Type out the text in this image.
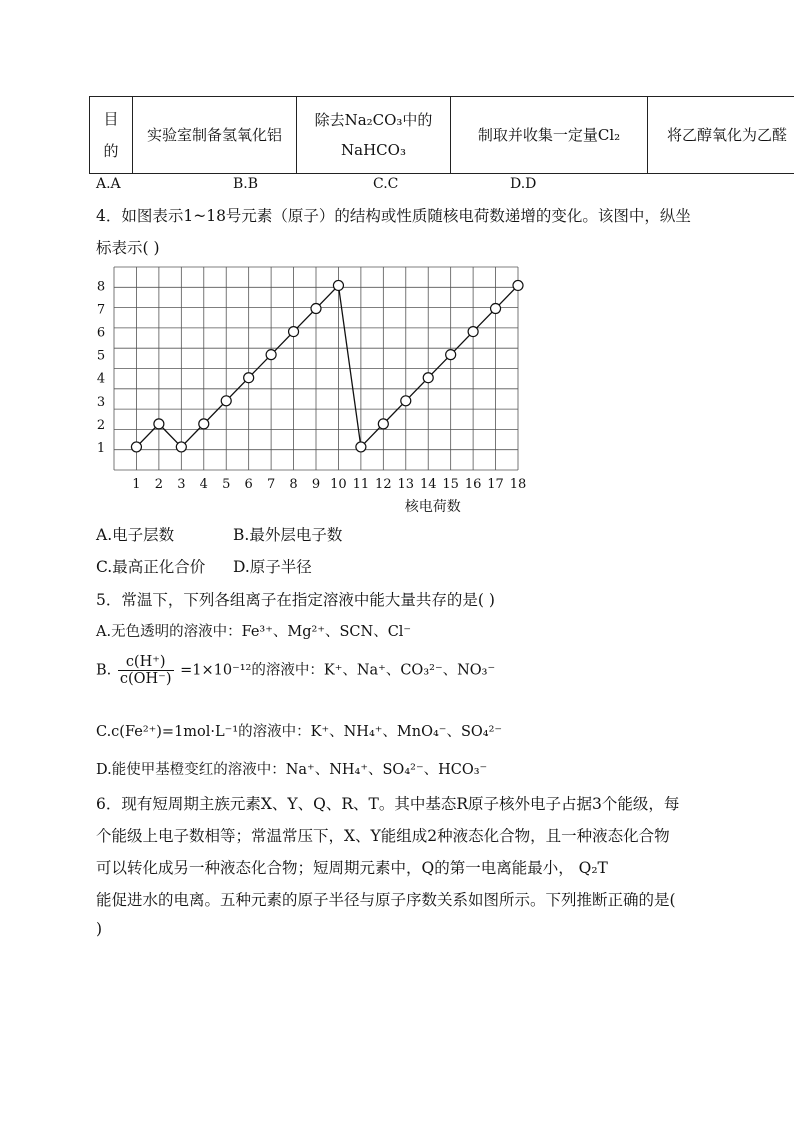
目的	实验室制备氢氧化铝	除去Na₂CO₃中的NaHCO₃	制取并收集一定量Cl₂	将乙醇氧化为乙醛
A.A	B.B	C.C	D.D
4．如图表示1~18号元素（原子）的结构或性质随核电荷数递增的变化。该图中，纵坐
标表示( )
1
2
3
4
5
6
7
8
1 2 3 4 5 6 7 8 9 10 11 12 13 14 15 16 17 18
核电荷数
A.电子层数	B.最外层电子数
C.最高正化合价 D.原子半径
5．常温下，下列各组离子在指定溶液中能大量共存的是( )
A.无色透明的溶液中：Fe³⁺、Mg²⁺、SCN、Cl⁻
B. $\frac{c(H^+)}{c(OH^-)} =1\times 10^{-12}$的溶液中：K⁺、Na⁺、CO₃²⁻、NO₃⁻
C.c(Fe²⁺)=1mol·L⁻¹的溶液中：K⁺、NH₄⁺、MnO₄⁻、SO₄²⁻
D.能使甲基橙变红的溶液中：Na⁺、NH₄⁺、SO₄²⁻、HCO₃⁻
6．现有短周期主族元素X、Y、Q、R、T。其中基态R原子核外电子占据3个能级，每
个能级上电子数相等；常温常压下，X、Y能组成2种液态化合物，且一种液态化合物
可以转化成另一种液态化合物；短周期元素中，Q的第一电离能最小， Q₂T
能促进水的电离。五种元素的原子半径与原子序数关系如图所示。下列推断正确的是(
)
